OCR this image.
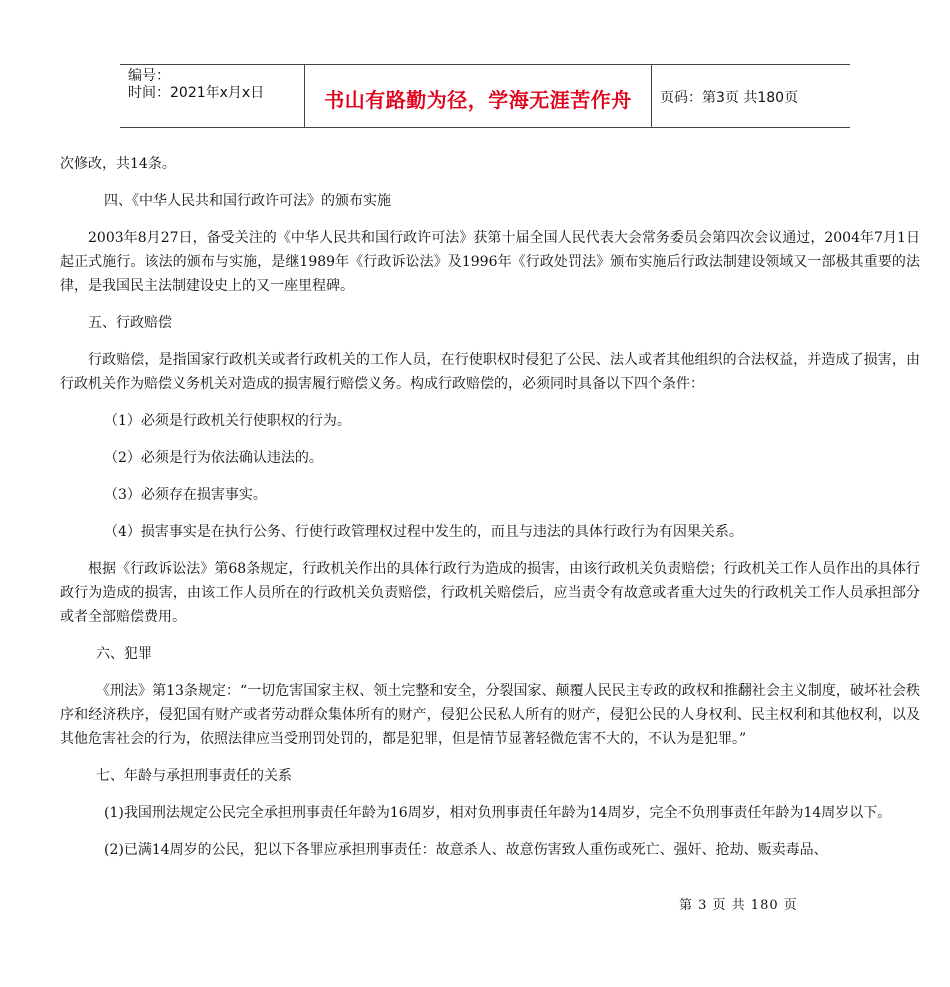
编号：
时间：2021年x月x日	书山有路勤为径，学海无涯苦作舟	页码：第3页 共180页

次修改，共14条。

四、《中华人民共和国行政许可法》的颁布实施

2003年8月27日，备受关注的《中华人民共和国行政许可法》获第十届全国人民代表大会常务委员会第四次会议通过，2004年7月1日起正式施行。该法的颁布与实施，是继1989年《行政诉讼法》及1996年《行政处罚法》颁布实施后行政法制建设领域又一部极其重要的法律，是我国民主法制建设史上的又一座里程碑。

五、行政赔偿

行政赔偿，是指国家行政机关或者行政机关的工作人员，在行使职权时侵犯了公民、法人或者其他组织的合法权益，并造成了损害，由行政机关作为赔偿义务机关对造成的损害履行赔偿义务。构成行政赔偿的，必须同时具备以下四个条件：

（1）必须是行政机关行使职权的行为。

（2）必须是行为依法确认违法的。

（3）必须存在损害事实。

（4）损害事实是在执行公务、行使行政管理权过程中发生的，而且与违法的具体行政行为有因果关系。

根据《行政诉讼法》第68条规定，行政机关作出的具体行政行为造成的损害，由该行政机关负责赔偿；行政机关工作人员作出的具体行政行为造成的损害，由该工作人员所在的行政机关负责赔偿，行政机关赔偿后，应当责令有故意或者重大过失的行政机关工作人员承担部分或者全部赔偿费用。

六、犯罪

《刑法》第13条规定：“一切危害国家主权、领土完整和安全，分裂国家、颠覆人民民主专政的政权和推翻社会主义制度，破坏社会秩序和经济秩序，侵犯国有财产或者劳动群众集体所有的财产，侵犯公民私人所有的财产，侵犯公民的人身权利、民主权利和其他权利，以及其他危害社会的行为，依照法律应当受刑罚处罚的，都是犯罪，但是情节显著轻微危害不大的，不认为是犯罪。”

七、年龄与承担刑事责任的关系

(1)我国刑法规定公民完全承担刑事责任年龄为16周岁，相对负刑事责任年龄为14周岁，完全不负刑事责任年龄为14周岁以下。

(2)已满14周岁的公民，犯以下各罪应承担刑事责任：故意杀人、故意伤害致人重伤或死亡、强奸、抢劫、贩卖毒品、

第 3 页 共 180 页
